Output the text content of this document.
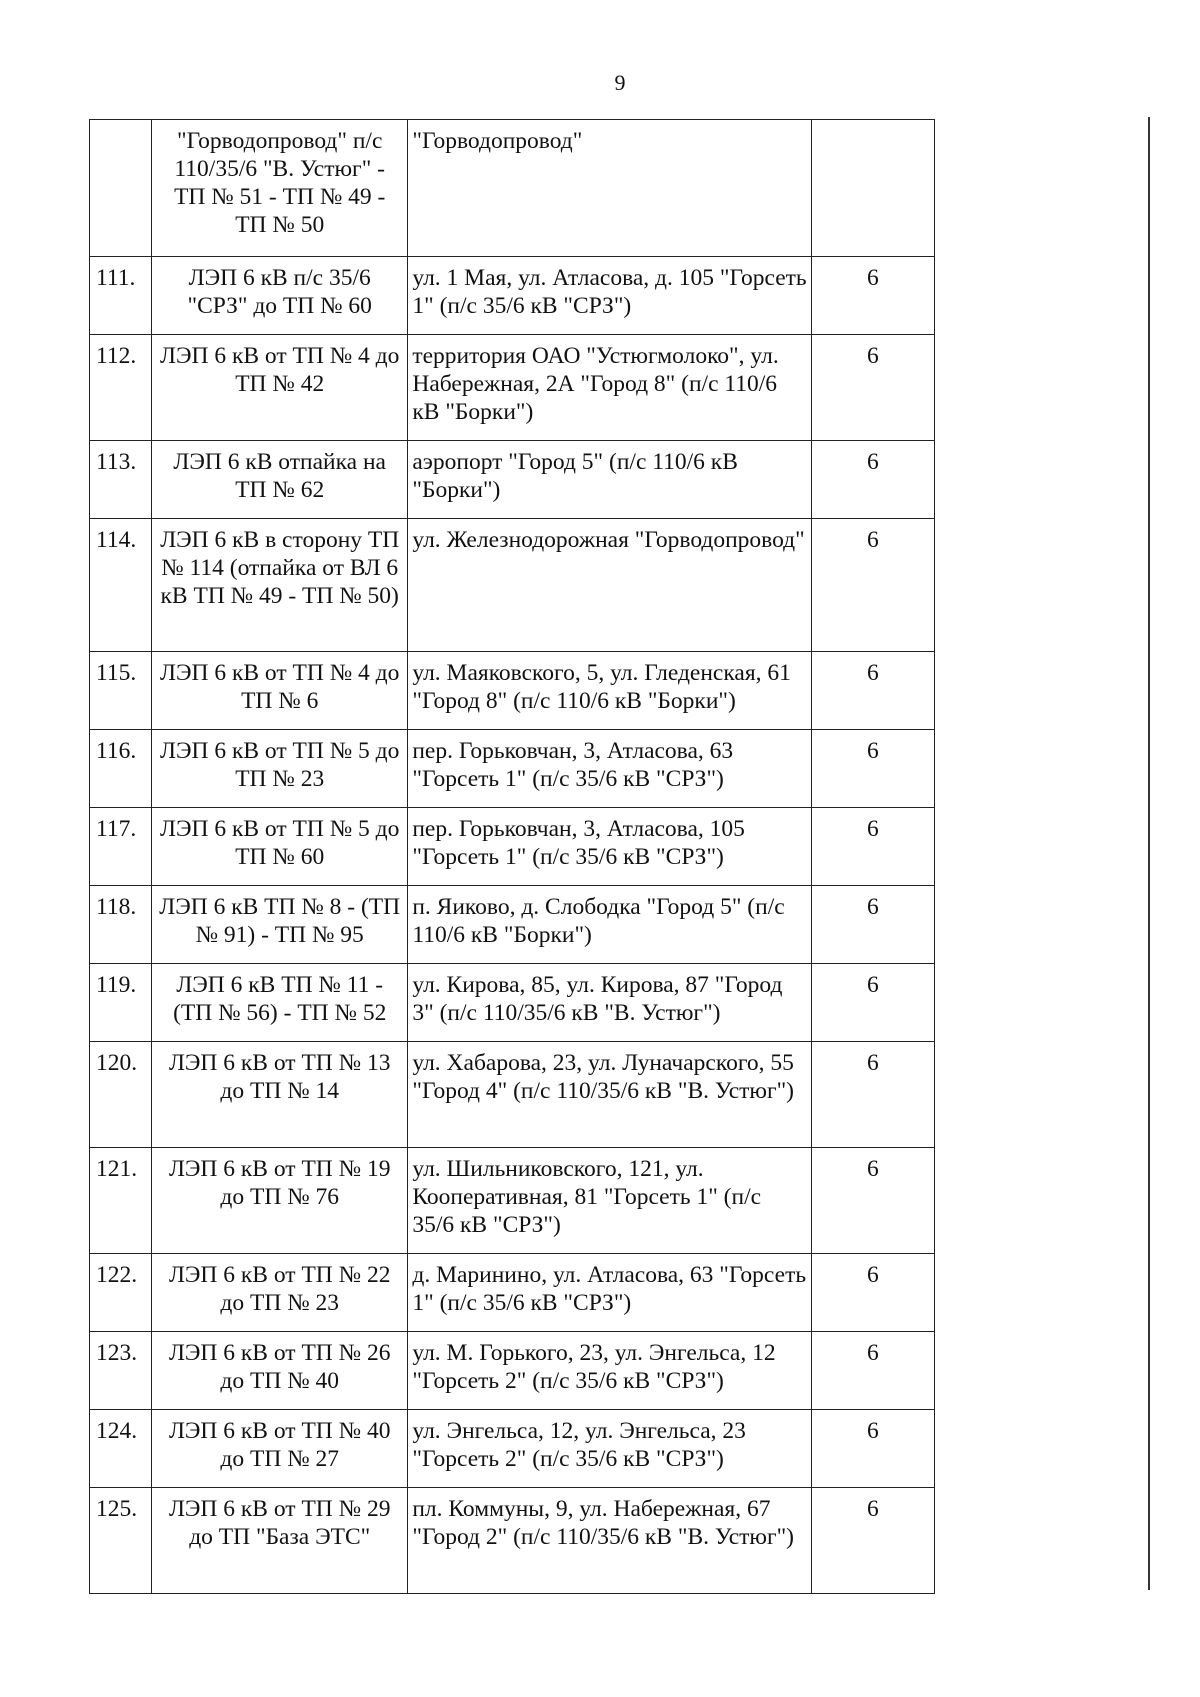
9
	"Горводопровод" п/с 110/35/6 "В. Устюг" - ТП № 51 - ТП № 49 - ТП № 50	"Горводопровод"	
111.	ЛЭП 6 кВ п/с 35/6 "СРЗ" до ТП № 60	ул. 1 Мая, ул. Атласова, д. 105 "Горсеть 1" (п/с 35/6 кВ "СРЗ")	6
112.	ЛЭП 6 кВ от ТП № 4 до ТП № 42	территория ОАО "Устюгмолоко", ул. Набережная, 2А "Город 8" (п/с 110/6 кВ "Борки")	6
113.	ЛЭП 6 кВ отпайка на ТП № 62	аэропорт "Город 5" (п/с 110/6 кВ "Борки")	6
114.	ЛЭП 6 кВ в сторону ТП № 114 (отпайка от ВЛ 6 кВ ТП № 49 - ТП № 50)	ул. Железнодорожная "Горводопровод"	6
115.	ЛЭП 6 кВ от ТП № 4 до ТП № 6	ул. Маяковского, 5, ул. Гледенская, 61 "Город 8" (п/с 110/6 кВ "Борки")	6
116.	ЛЭП 6 кВ от ТП № 5 до ТП № 23	пер. Горьковчан, 3, Атласова, 63 "Горсеть 1" (п/с 35/6 кВ "СРЗ")	6
117.	ЛЭП 6 кВ от ТП № 5 до ТП № 60	пер. Горьковчан, 3, Атласова, 105 "Горсеть 1" (п/с 35/6 кВ "СРЗ")	6
118.	ЛЭП 6 кВ ТП № 8 - (ТП № 91) - ТП № 95	п. Яиково, д. Слободка "Город 5" (п/с 110/6 кВ "Борки")	6
119.	ЛЭП 6 кВ ТП № 11 - (ТП № 56) - ТП № 52	ул. Кирова, 85, ул. Кирова, 87 "Город 3" (п/с 110/35/6 кВ "В. Устюг")	6
120.	ЛЭП 6 кВ от ТП № 13 до ТП № 14	ул. Хабарова, 23, ул. Луначарского, 55 "Город 4" (п/с 110/35/6 кВ "В. Устюг")	6
121.	ЛЭП 6 кВ от ТП № 19 до ТП № 76	ул. Шильниковского, 121, ул. Кооперативная, 81 "Горсеть 1" (п/с 35/6 кВ "СРЗ")	6
122.	ЛЭП 6 кВ от ТП № 22 до ТП № 23	д. Маринино, ул. Атласова, 63 "Горсеть 1" (п/с 35/6 кВ "СРЗ")	6
123.	ЛЭП 6 кВ от ТП № 26 до ТП № 40	ул. М. Горького, 23, ул. Энгельса, 12 "Горсеть 2" (п/с 35/6 кВ "СРЗ")	6
124.	ЛЭП 6 кВ от ТП № 40 до ТП № 27	ул. Энгельса, 12, ул. Энгельса, 23 "Горсеть 2" (п/с 35/6 кВ "СРЗ")	6
125.	ЛЭП 6 кВ от ТП № 29 до ТП "База ЭТС"	пл. Коммуны, 9, ул. Набережная, 67 "Город 2" (п/с 110/35/6 кВ "В. Устюг")	6
